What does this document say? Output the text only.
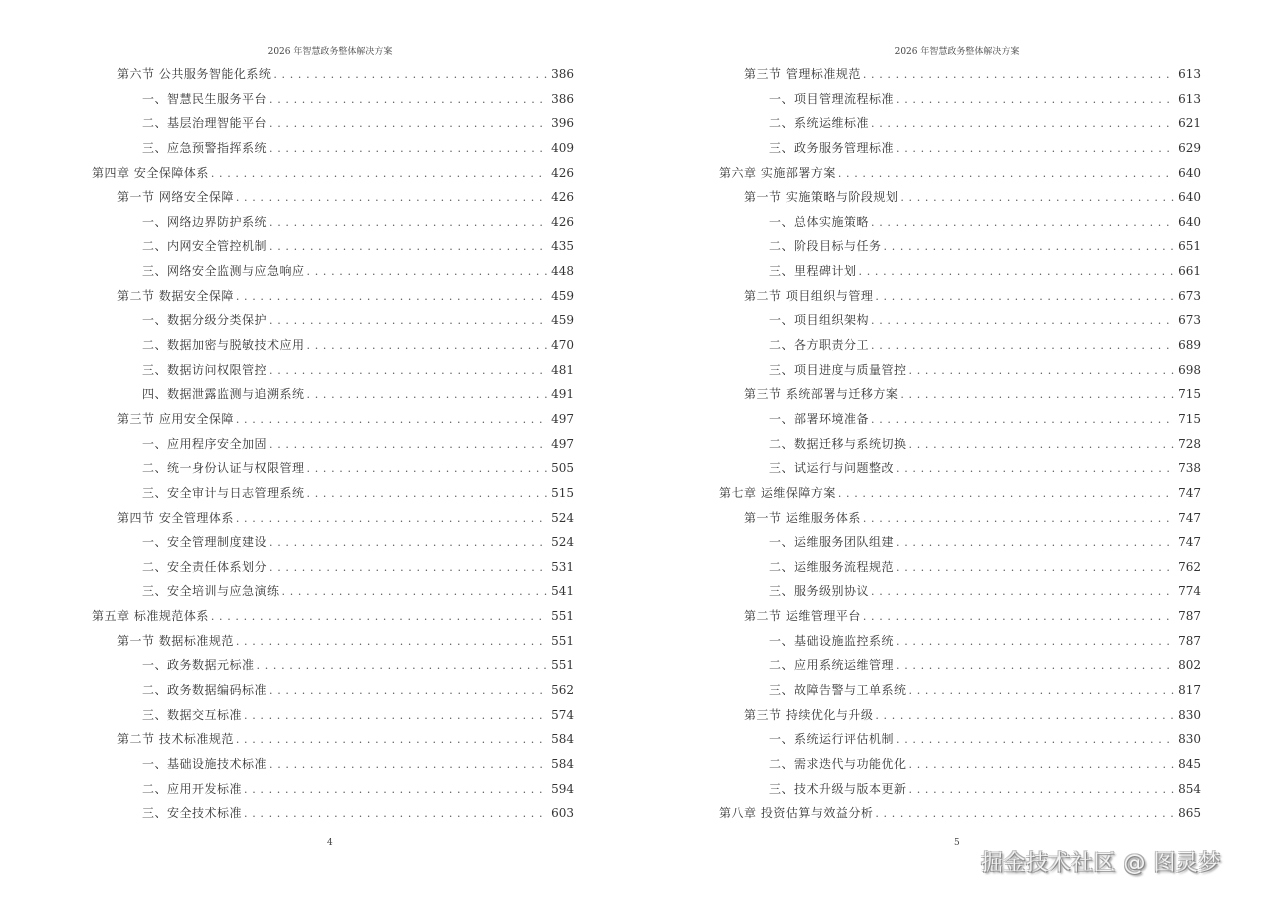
2026 年智慧政务整体解决方案
第六节 公共服务智能化系统 . . .	386
一、智慧民生服务平台 . . .	386
二、基层治理智能平台 . . .	396
三、应急预警指挥系统 . . .	409
第四章 安全保障体系 . . .	426
第一节 网络安全保障 . . .	426
一、网络边界防护系统 . . .	426
二、内网安全管控机制 . . .	435
三、网络安全监测与应急响应 . . .	448
第二节 数据安全保障 . . .	459
一、数据分级分类保护 . . .	459
二、数据加密与脱敏技术应用 . . .	470
三、数据访问权限管控 . . .	481
四、数据泄露监测与追溯系统 . . .	491
第三节 应用安全保障 . . .	497
一、应用程序安全加固 . . .	497
二、统一身份认证与权限管理 . . .	505
三、安全审计与日志管理系统 . . .	515
第四节 安全管理体系 . . .	524
一、安全管理制度建设 . . .	524
二、安全责任体系划分 . . .	531
三、安全培训与应急演练 . . .	541
第五章 标准规范体系 . . .	551
第一节 数据标准规范 . . .	551
一、政务数据元标准 . . .	551
二、政务数据编码标准 . . .	562
三、数据交互标准 . . .	574
第二节 技术标准规范 . . .	584
一、基础设施技术标准 . . .	584
二、应用开发标准 . . .	594
三、安全技术标准 . . .	603
4
2026 年智慧政务整体解决方案
第三节 管理标准规范 . . .	613
一、项目管理流程标准 . . .	613
二、系统运维标准 . . .	621
三、政务服务管理标准 . . .	629
第六章 实施部署方案 . . .	640
第一节 实施策略与阶段规划 . . .	640
一、总体实施策略 . . .	640
二、阶段目标与任务 . . .	651
三、里程碑计划 . . .	661
第二节 项目组织与管理 . . .	673
一、项目组织架构 . . .	673
二、各方职责分工 . . .	689
三、项目进度与质量管控 . . .	698
第三节 系统部署与迁移方案 . . .	715
一、部署环境准备 . . .	715
二、数据迁移与系统切换 . . .	728
三、试运行与问题整改 . . .	738
第七章 运维保障方案 . . .	747
第一节 运维服务体系 . . .	747
一、运维服务团队组建 . . .	747
二、运维服务流程规范 . . .	762
三、服务级别协议 . . .	774
第二节 运维管理平台 . . .	787
一、基础设施监控系统 . . .	787
二、应用系统运维管理 . . .	802
三、故障告警与工单系统 . . .	817
第三节 持续优化与升级 . . .	830
一、系统运行评估机制 . . .	830
二、需求迭代与功能优化 . . .	845
三、技术升级与版本更新 . . .	854
第八章 投资估算与效益分析 . . .	865
5
掘金技术社区 @ 图灵梦
